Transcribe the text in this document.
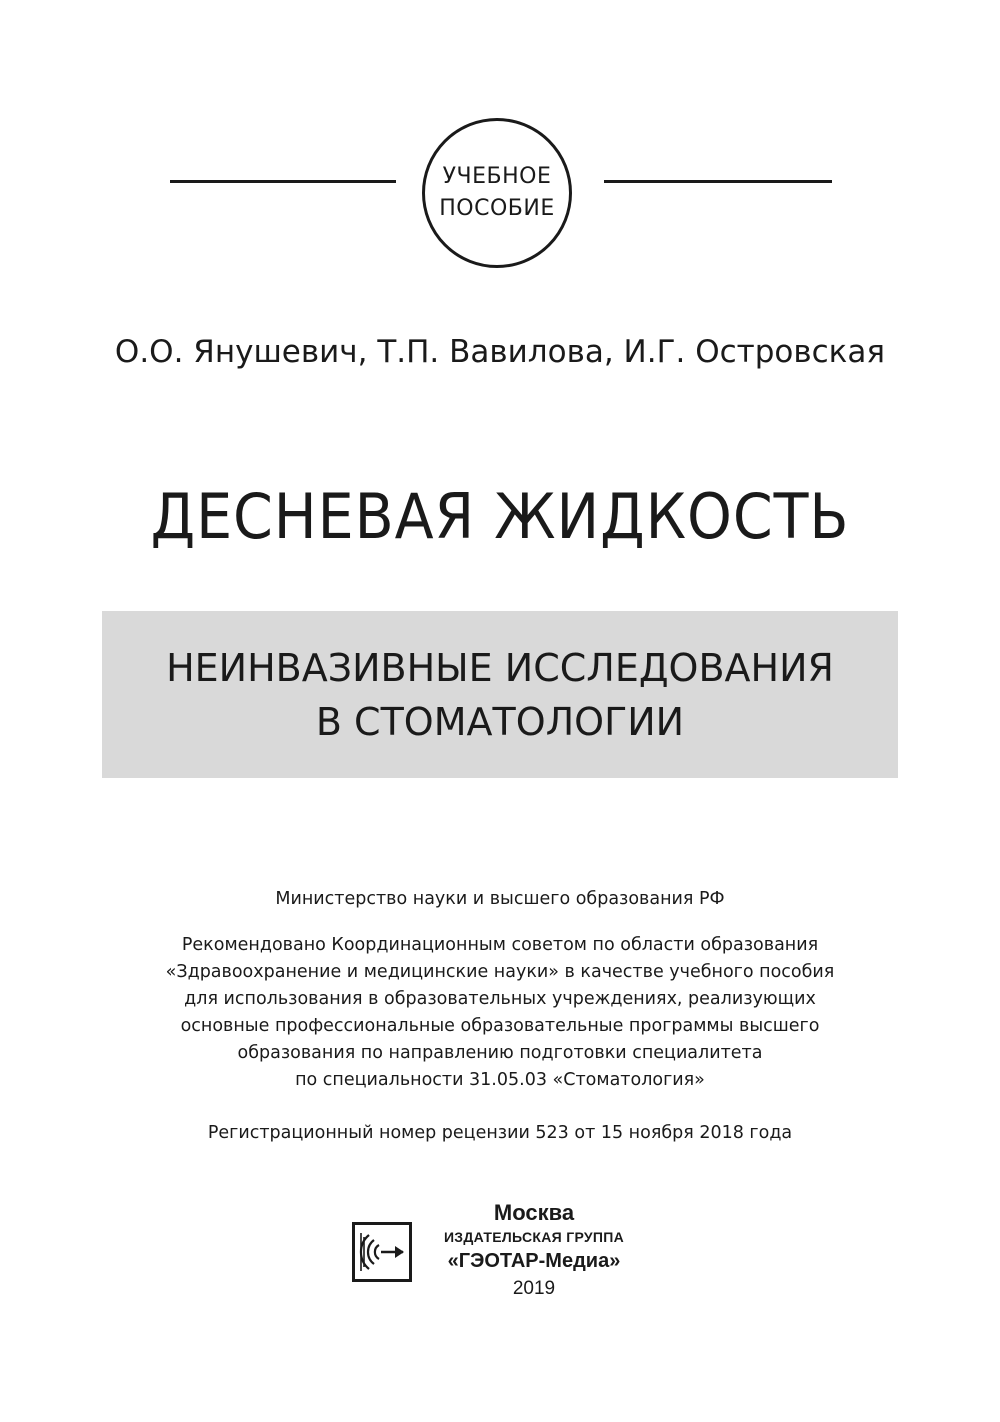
УЧЕБНОЕ
ПОСОБИЕ
О.О. Янушевич, Т.П. Вавилова, И.Г. Островская
ДЕСНЕВАЯ ЖИДКОСТЬ
НЕИНВАЗИВНЫЕ ИССЛЕДОВАНИЯ
В СТОМАТОЛОГИИ
Министерство науки и высшего образования РФ
Рекомендовано Координационным советом по области образования
«Здравоохранение и медицинские науки» в качестве учебного пособия
для использования в образовательных учреждениях, реализующих
основные профессиональные образовательные программы высшего
образования по направлению подготовки специалитета
по специальности 31.05.03 «Стоматология»
Регистрационный номер рецензии 523 от 15 ноября 2018 года
Москва
ИЗДАТЕЛЬСКАЯ ГРУППА
«ГЭОТАР-Медиа»
2019
